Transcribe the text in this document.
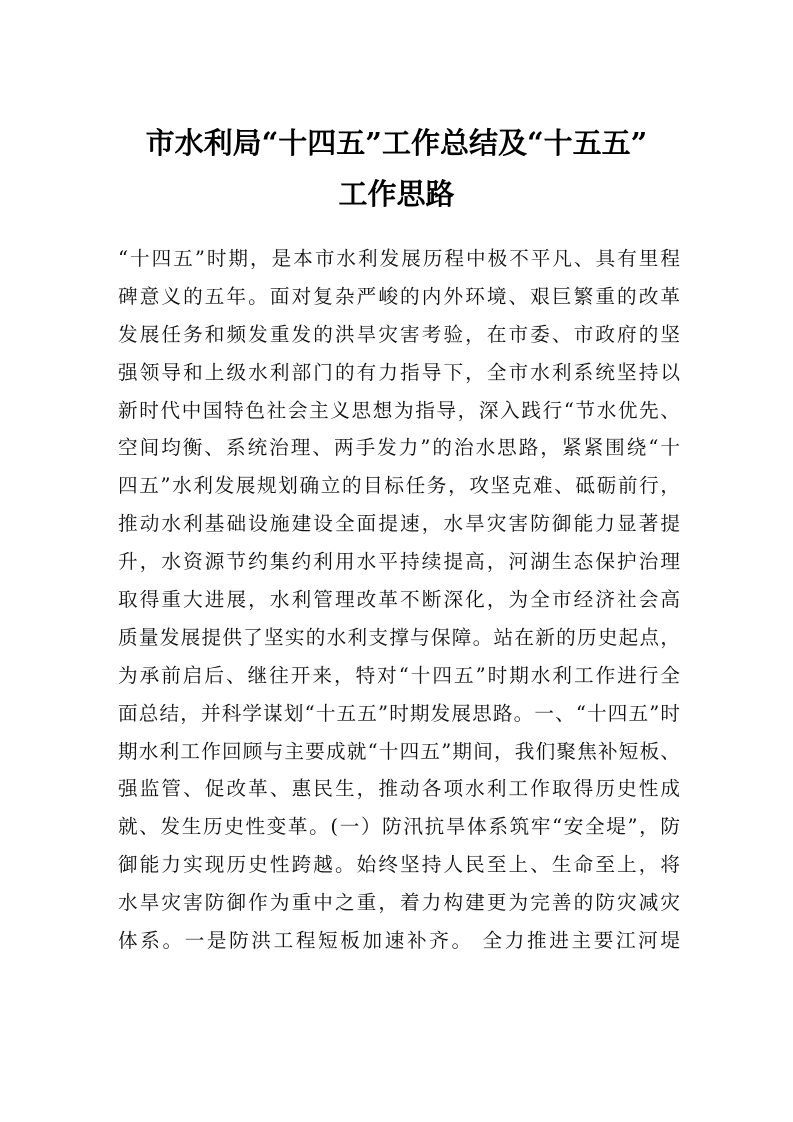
市水利局“十四五”工作总结及“十五五”
工作思路
“十四五”时期，是本市水利发展历程中极不平凡、具有里程
碑意义的五年。面对复杂严峻的内外环境、艰巨繁重的改革
发展任务和频发重发的洪旱灾害考验，在市委、市政府的坚
强领导和上级水利部门的有力指导下，全市水利系统坚持以
新时代中国特色社会主义思想为指导，深入践行“节水优先、
空间均衡、系统治理、两手发力”的治水思路，紧紧围绕“十
四五”水利发展规划确立的目标任务，攻坚克难、砥砺前行，
推动水利基础设施建设全面提速，水旱灾害防御能力显著提
升，水资源节约集约利用水平持续提高，河湖生态保护治理
取得重大进展，水利管理改革不断深化，为全市经济社会高
质量发展提供了坚实的水利支撑与保障。站在新的历史起点，
为承前启后、继往开来，特对“十四五”时期水利工作进行全
面总结，并科学谋划“十五五”时期发展思路。一、“十四五”时
期水利工作回顾与主要成就“十四五”期间，我们聚焦补短板、
强监管、促改革、惠民生，推动各项水利工作取得历史性成
就、发生历史性变革。(一）防汛抗旱体系筑牢“安全堤”，防
御能力实现历史性跨越。始终坚持人民至上、生命至上，将
水旱灾害防御作为重中之重，着力构建更为完善的防灾减灾
体系。一是防洪工程短板加速补齐。 全力推进主要江河堤
